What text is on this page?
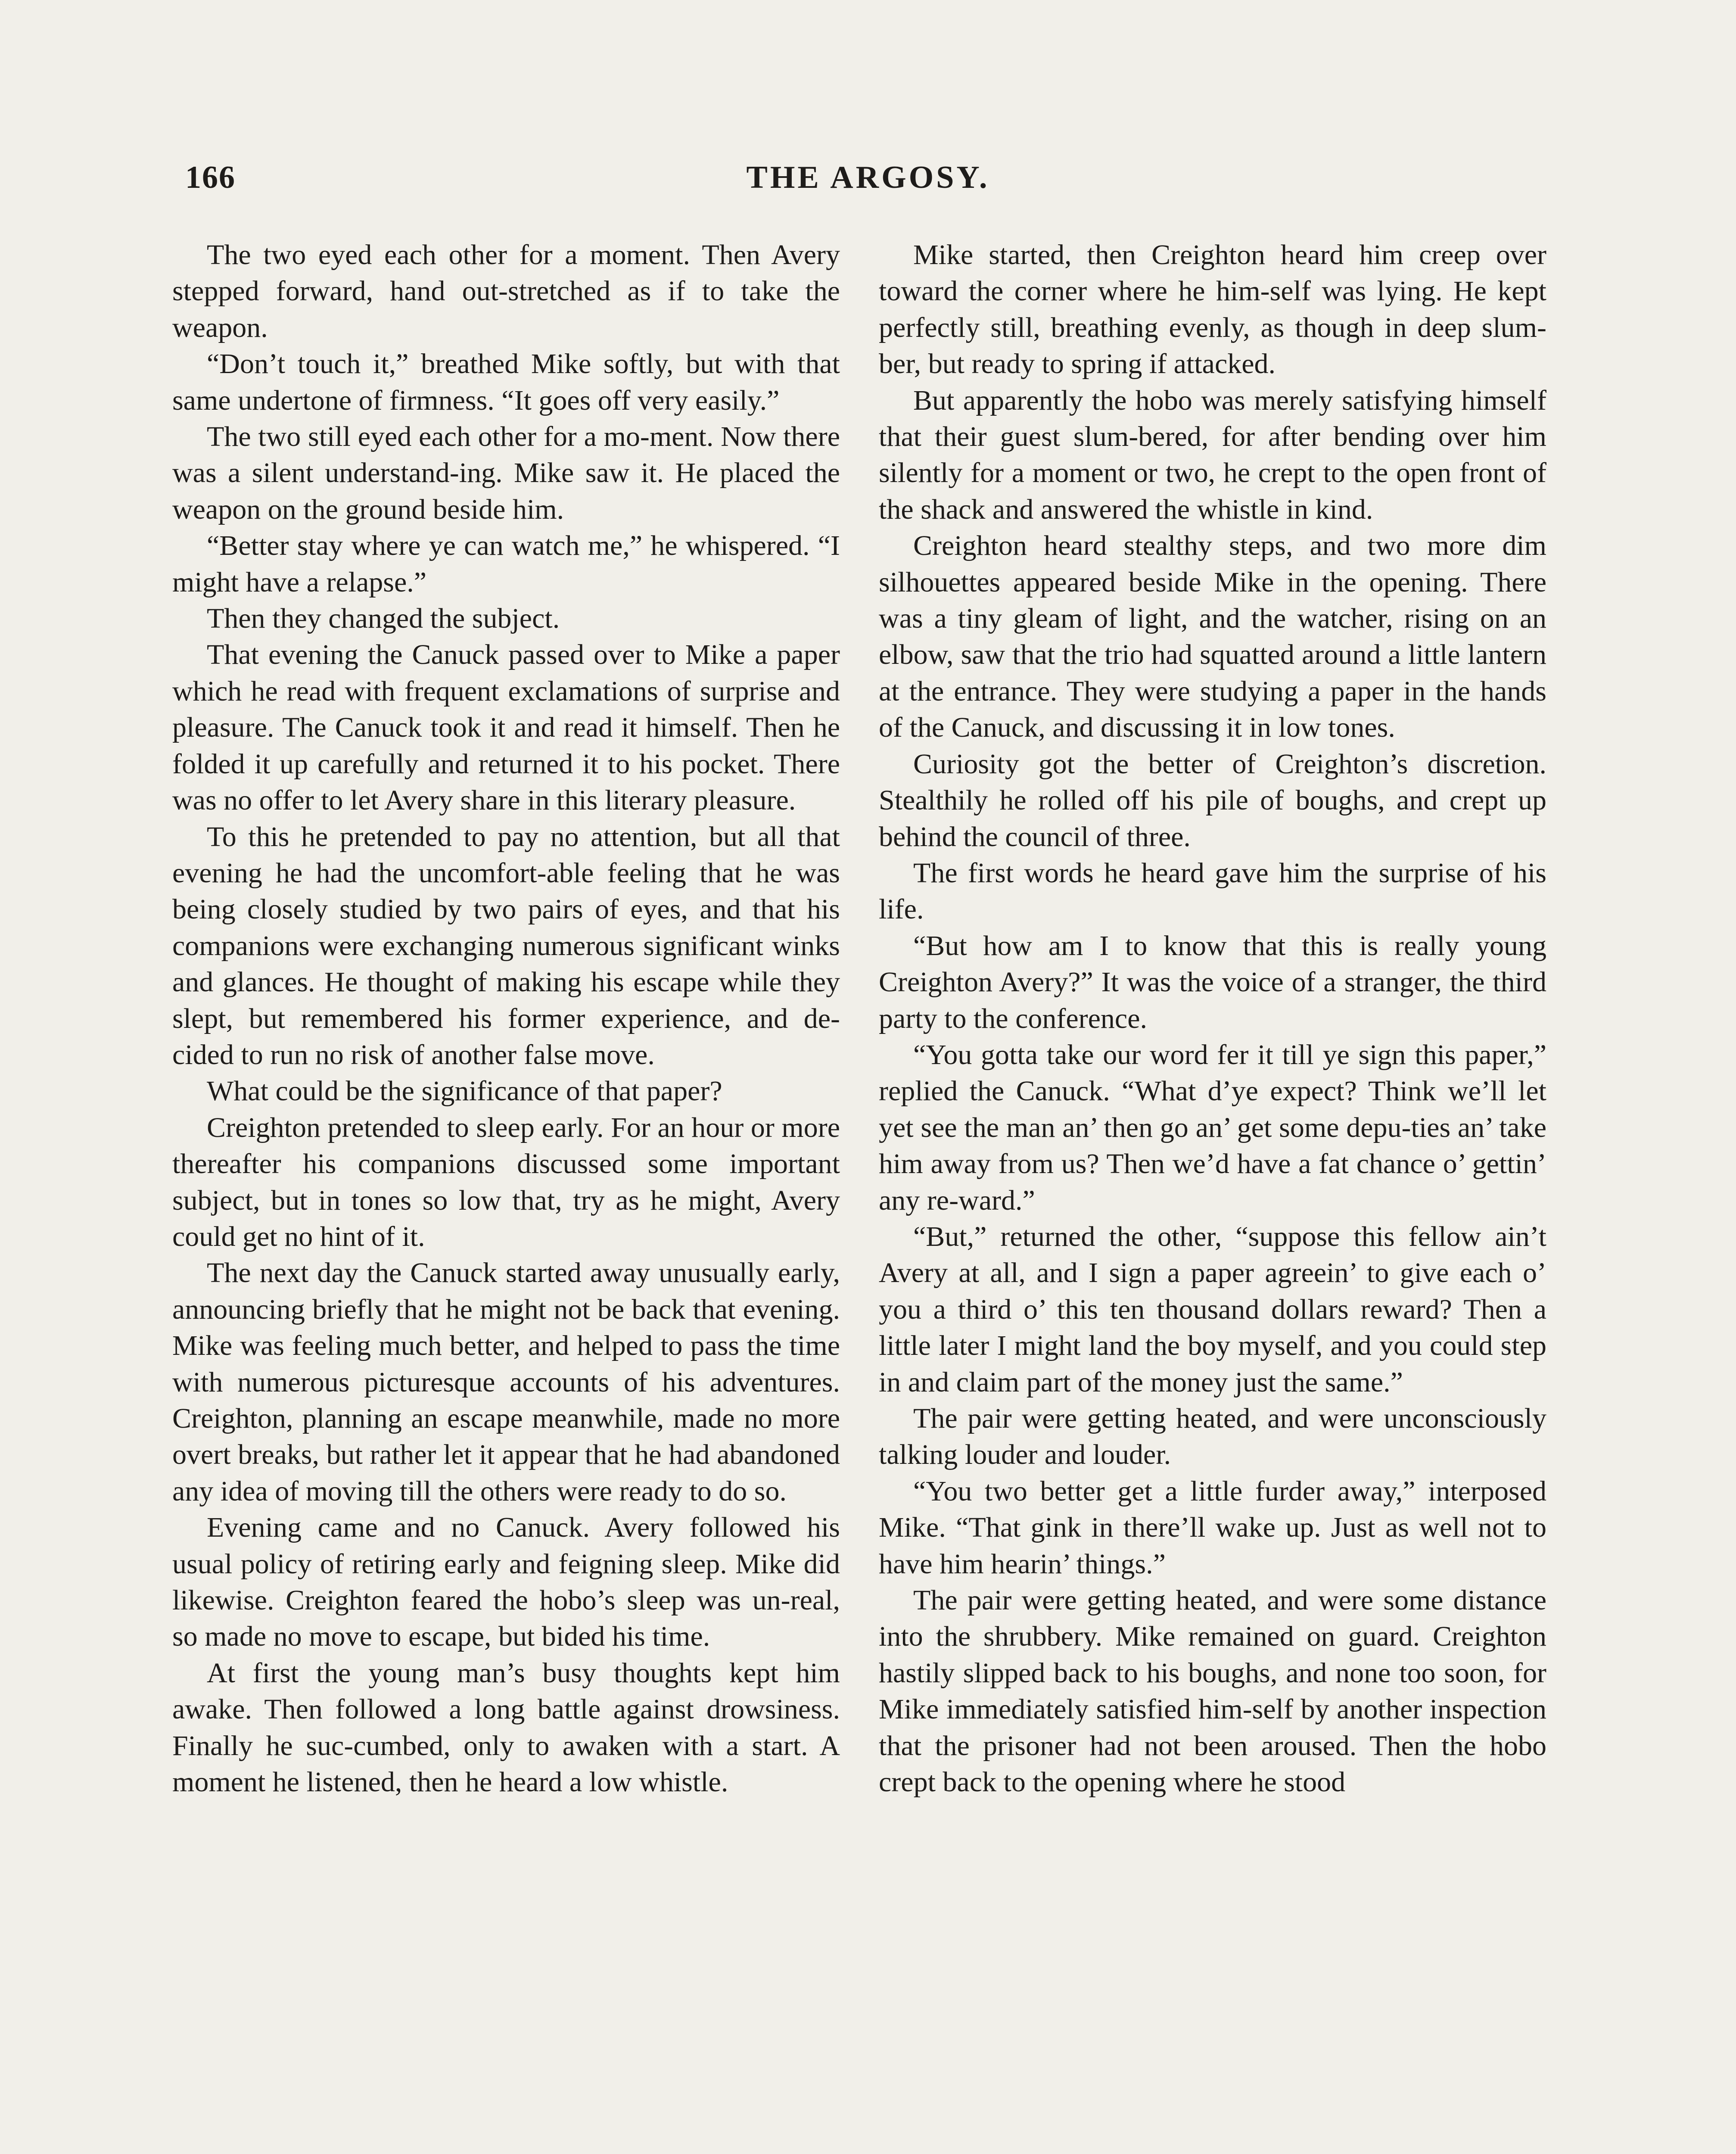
166	THE ARGOSY.

The two eyed each other for a moment. Then Avery stepped forward, hand out-stretched as if to take the weapon.

“Don’t touch it,” breathed Mike softly, but with that same undertone of firmness. “It goes off very easily.”

The two still eyed each other for a mo-ment. Now there was a silent understand-ing. Mike saw it. He placed the weapon on the ground beside him.

“Better stay where ye can watch me,” he whispered. “I might have a relapse.”

Then they changed the subject.

That evening the Canuck passed over to Mike a paper which he read with frequent exclamations of surprise and pleasure. The Canuck took it and read it himself. Then he folded it up carefully and returned it to his pocket. There was no offer to let Avery share in this literary pleasure.

To this he pretended to pay no attention, but all that evening he had the uncomfort-able feeling that he was being closely studied by two pairs of eyes, and that his companions were exchanging numerous significant winks and glances. He thought of making his escape while they slept, but remembered his former experience, and de-cided to run no risk of another false move.

What could be the significance of that paper?

Creighton pretended to sleep early. For an hour or more thereafter his companions discussed some important subject, but in tones so low that, try as he might, Avery could get no hint of it.

The next day the Canuck started away unusually early, announcing briefly that he might not be back that evening. Mike was feeling much better, and helped to pass the time with numerous picturesque accounts of his adventures. Creighton, planning an escape meanwhile, made no more overt breaks, but rather let it appear that he had abandoned any idea of moving till the others were ready to do so.

Evening came and no Canuck. Avery followed his usual policy of retiring early and feigning sleep. Mike did likewise. Creighton feared the hobo’s sleep was un-real, so made no move to escape, but bided his time.

At first the young man’s busy thoughts kept him awake. Then followed a long battle against drowsiness. Finally he suc-cumbed, only to awaken with a start. A moment he listened, then he heard a low whistle.

Mike started, then Creighton heard him creep over toward the corner where he him-self was lying. He kept perfectly still, breathing evenly, as though in deep slum-ber, but ready to spring if attacked.

But apparently the hobo was merely satisfying himself that their guest slum-bered, for after bending over him silently for a moment or two, he crept to the open front of the shack and answered the whistle in kind.

Creighton heard stealthy steps, and two more dim silhouettes appeared beside Mike in the opening. There was a tiny gleam of light, and the watcher, rising on an elbow, saw that the trio had squatted around a little lantern at the entrance. They were studying a paper in the hands of the Canuck, and discussing it in low tones.

Curiosity got the better of Creighton’s discretion. Stealthily he rolled off his pile of boughs, and crept up behind the council of three.

The first words he heard gave him the surprise of his life.

“But how am I to know that this is really young Creighton Avery?” It was the voice of a stranger, the third party to the conference.

“You gotta take our word fer it till ye sign this paper,” replied the Canuck. “What d’ye expect? Think we’ll let yet see the man an’ then go an’ get some depu-ties an’ take him away from us? Then we’d have a fat chance o’ gettin’ any re-ward.”

“But,” returned the other, “suppose this fellow ain’t Avery at all, and I sign a paper agreein’ to give each o’ you a third o’ this ten thousand dollars reward? Then a little later I might land the boy myself, and you could step in and claim part of the money just the same.”

The pair were getting heated, and were unconsciously talking louder and louder.

“You two better get a little furder away,” interposed Mike. “That gink in there’ll wake up. Just as well not to have him hearin’ things.”

The pair were getting heated, and were some distance into the shrubbery. Mike remained on guard. Creighton hastily slipped back to his boughs, and none too soon, for Mike immediately satisfied him-self by another inspection that the prisoner had not been aroused. Then the hobo crept back to the opening where he stood
